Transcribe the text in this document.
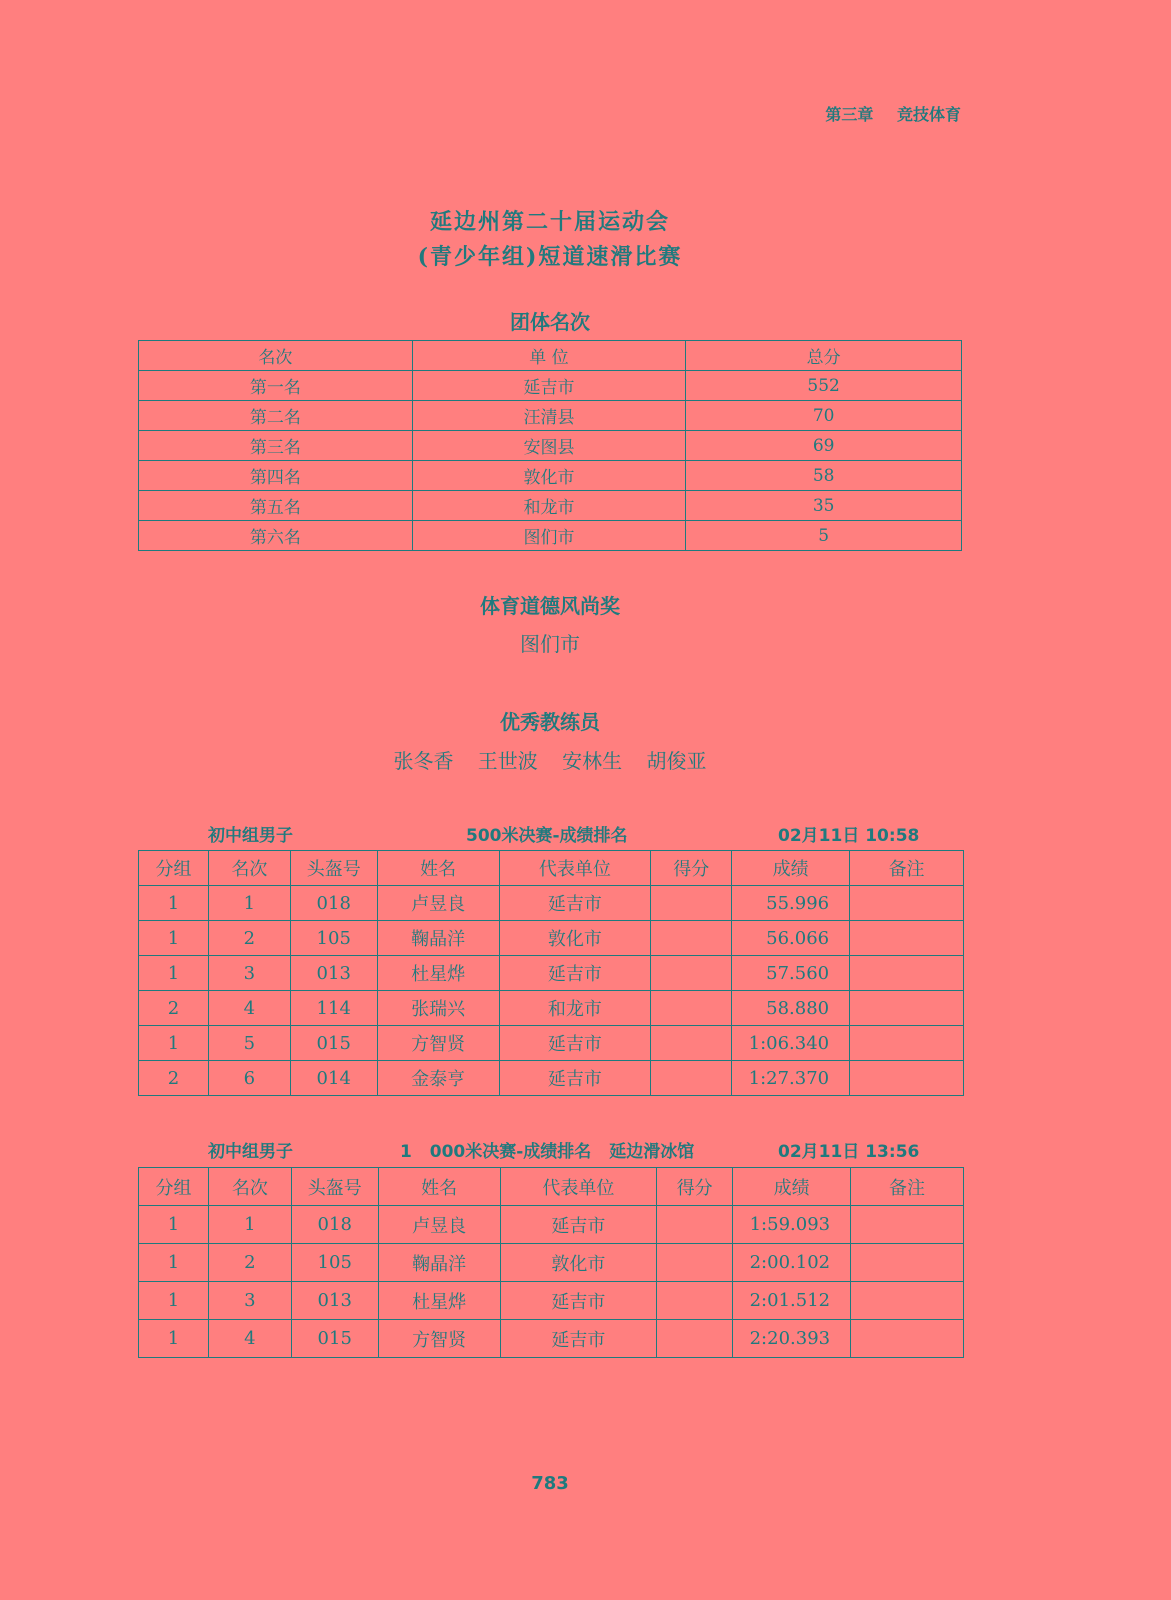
第三章 竞技体育
延边州第二十届运动会
(青少年组)短道速滑比赛
团体名次
名次	单 位	总分
第一名	延吉市	552
第二名	汪清县	70
第三名	安图县	69
第四名	敦化市	58
第五名	和龙市	35
第六名	图们市	5
体育道德风尚奖
图们市
优秀教练员
张冬香 王世波 安林生 胡俊亚
初中组男子	500米决赛-成绩排名	02月11日 10:58
分组	名次	头盔号	姓名	代表单位	得分	成绩	备注
1	1	018	卢昱良	延吉市		55.996	
1	2	105	鞠晶洋	敦化市		56.066	
1	3	013	杜星烨	延吉市		57.560	
2	4	114	张瑞兴	和龙市		58.880	
1	5	015	方智贤	延吉市		1:06.340	
2	6	014	金泰亨	延吉市		1:27.370	
初中组男子	1 000米决赛-成绩排名 延边滑冰馆	02月11日 13:56
分组	名次	头盔号	姓名	代表单位	得分	成绩	备注
1	1	018	卢昱良	延吉市		1:59.093	
1	2	105	鞠晶洋	敦化市		2:00.102	
1	3	013	杜星烨	延吉市		2:01.512	
1	4	015	方智贤	延吉市		2:20.393	
783
